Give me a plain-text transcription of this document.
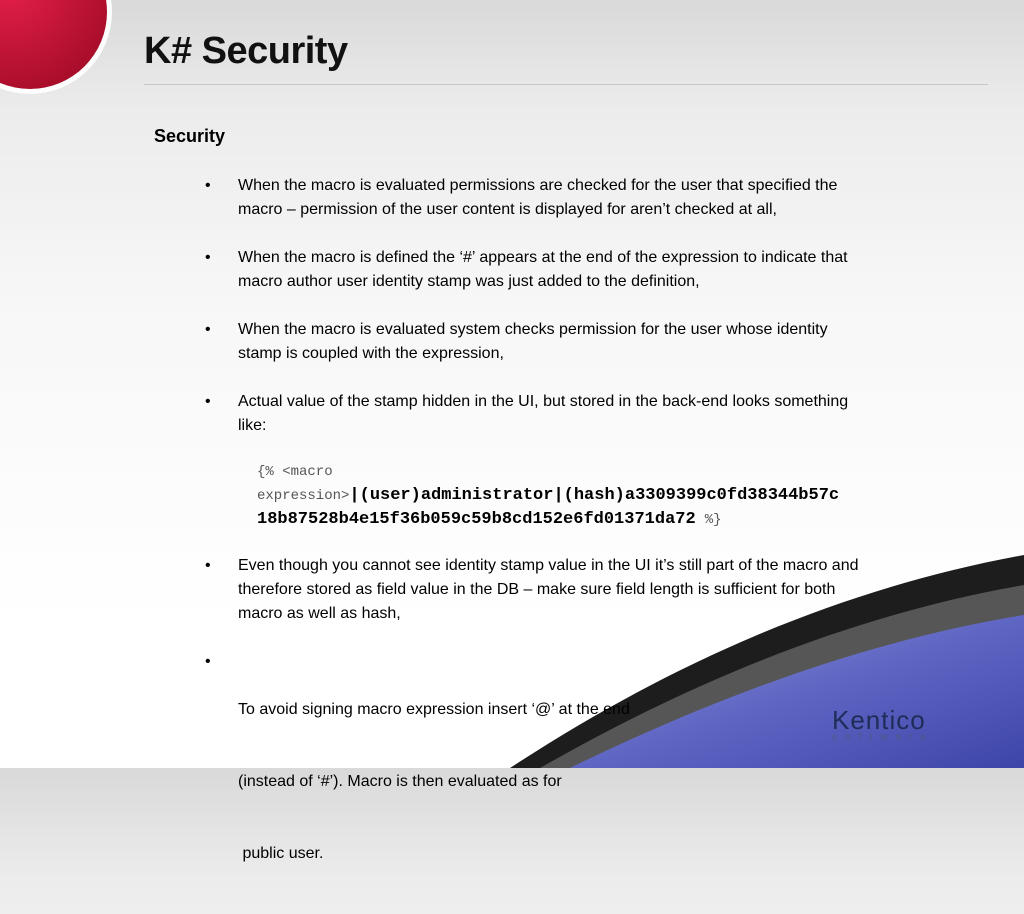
K# Security
Security
• When the macro is evaluated permissions are checked for the user that specified the
macro – permission of the user content is displayed for aren’t checked at all,
• When the macro is defined the ‘#’ appears at the end of the expression to indicate that
macro author user identity stamp was just added to the definition,
• When the macro is evaluated system checks permission for the user whose identity
stamp is coupled with the expression,
• Actual value of the stamp hidden in the UI, but stored in the back-end looks something
like:
• Even though you cannot see identity stamp value in the UI it’s still part of the macro and
therefore stored as field value in the DB – make sure field length is sufficient for both
macro as well as hash,
•

To avoid signing macro expression insert ‘@’ at the end

(instead of ‘#’). Macro is then evaluated as for

public user.

{% <macro
expression>|(user)administrator|(hash)a3309399c0fd38344b57c
18b87528b4e15f36b059c59b8cd152e6fd01371da72 %}
Kentico
software
